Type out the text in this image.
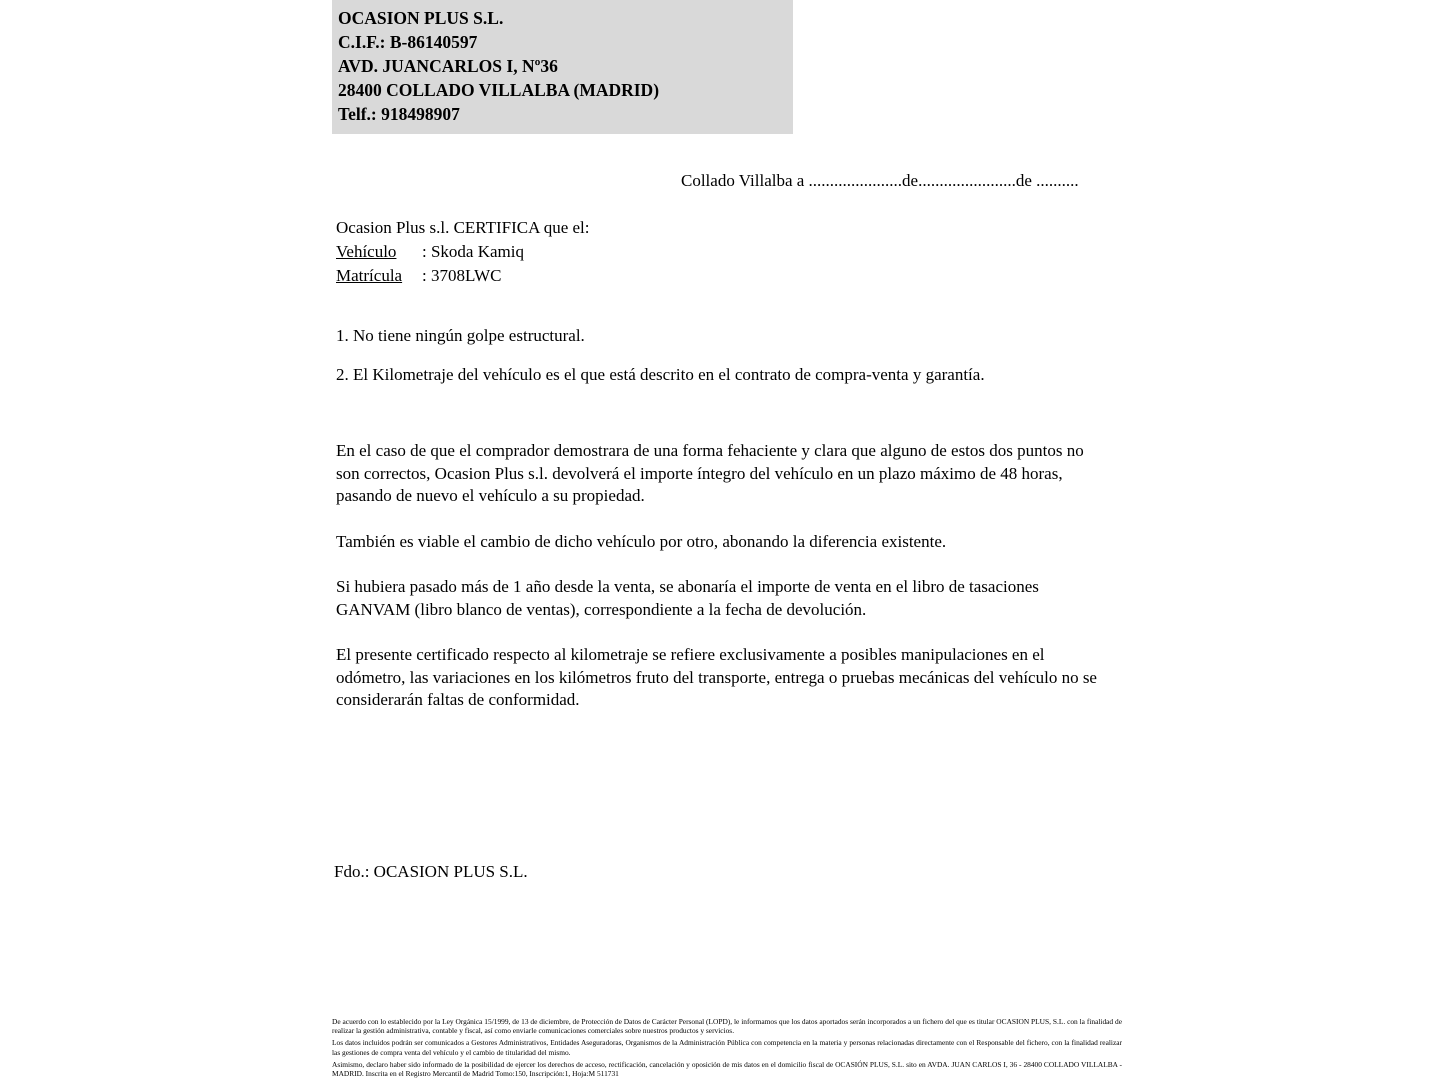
OCASION PLUS S.L.
C.I.F.: B-86140597
AVD. JUANCARLOS I, Nº36
28400 COLLADO VILLALBA (MADRID)
Telf.: 918498907
Collado Villalba a ......................de.......................de ..........
Ocasion Plus s.l. CERTIFICA que el:
Vehículo : Skoda Kamiq
Matrícula : 3708LWC
1. No tiene ningún golpe estructural.
2. El Kilometraje del vehículo es el que está descrito en el contrato de compra-venta y garantía.

En el caso de que el comprador demostrara de una forma fehaciente y clara que alguno de estos dos puntos no son correctos, Ocasion Plus s.l. devolverá el importe íntegro del vehículo en un plazo máximo de 48 horas, pasando de nuevo el vehículo a su propiedad.

También es viable el cambio de dicho vehículo por otro, abonando la diferencia existente.

Si hubiera pasado más de 1 año desde la venta, se abonaría el importe de venta en el libro de tasaciones GANVAM (libro blanco de ventas), correspondiente a la fecha de devolución.

El presente certificado respecto al kilometraje se refiere exclusivamente a posibles manipulaciones en el odómetro, las variaciones en los kilómetros fruto del transporte, entrega o pruebas mecánicas del vehículo no se considerarán faltas de conformidad.

Fdo.: OCASION PLUS S.L.

De acuerdo con lo establecido por la Ley Orgánica 15/1999, de 13 de diciembre, de Protección de Datos de Carácter Personal (LOPD), le informamos que los datos aportados serán incorporados a un fichero del que es titular OCASION PLUS, S.L. con la finalidad de realizar la gestión administrativa, contable y fiscal, así como enviarle comunicaciones comerciales sobre nuestros productos y servicios.

Los datos incluidos podrán ser comunicados a Gestores Administrativos, Entidades Aseguradoras, Organismos de la Administración Pública con competencia en la materia y personas relacionadas directamente con el Responsable del fichero, con la finalidad realizar las gestiones de compra venta del vehículo y el cambio de titularidad del mismo.

Asimismo, declaro haber sido informado de la posibilidad de ejercer los derechos de acceso, rectificación, cancelación y oposición de mis datos en el domicilio fiscal de OCASIÓN PLUS, S.L. sito en AVDA. JUAN CARLOS I, 36 - 28400 COLLADO VILLALBA - MADRID. Inscrita en el Registro Mercantil de Madrid Tomo:150, Inscripción:1, Hoja:M 511731
